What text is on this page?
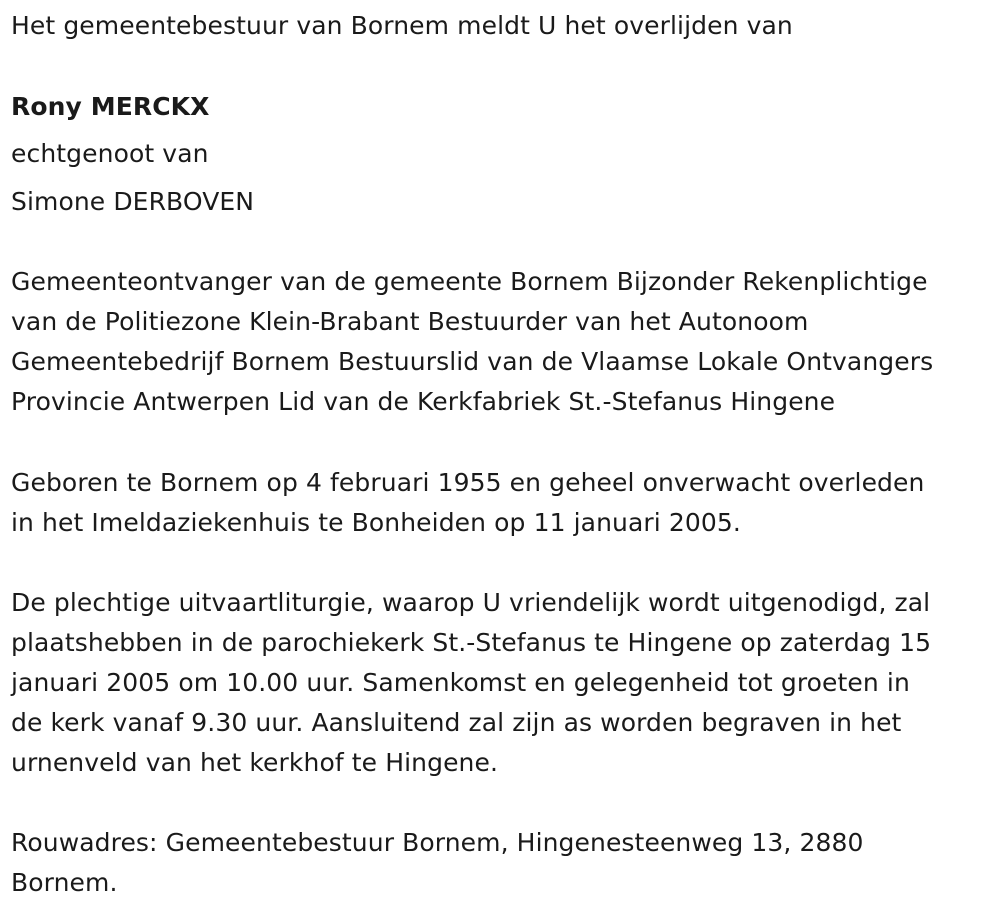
Het gemeentebestuur van Bornem meldt U het overlijden van

Rony MERCKX

echtgenoot van

Simone DERBOVEN

Gemeenteontvanger van de gemeente Bornem Bijzonder Rekenplichtige

van de Politiezone Klein-Brabant Bestuurder van het Autonoom

Gemeentebedrijf Bornem Bestuurslid van de Vlaamse Lokale Ontvangers

Provincie Antwerpen Lid van de Kerkfabriek St.-Stefanus Hingene

Geboren te Bornem op 4 februari 1955 en geheel onverwacht overleden

in het Imeldaziekenhuis te Bonheiden op 11 januari 2005.

De plechtige uitvaartliturgie, waarop U vriendelijk wordt uitgenodigd, zal

plaatshebben in de parochiekerk St.-Stefanus te Hingene op zaterdag 15

januari 2005 om 10.00 uur. Samenkomst en gelegenheid tot groeten in

de kerk vanaf 9.30 uur. Aansluitend zal zijn as worden begraven in het

urnenveld van het kerkhof te Hingene.

Rouwadres: Gemeentebestuur Bornem, Hingenesteenweg 13, 2880

Bornem.
